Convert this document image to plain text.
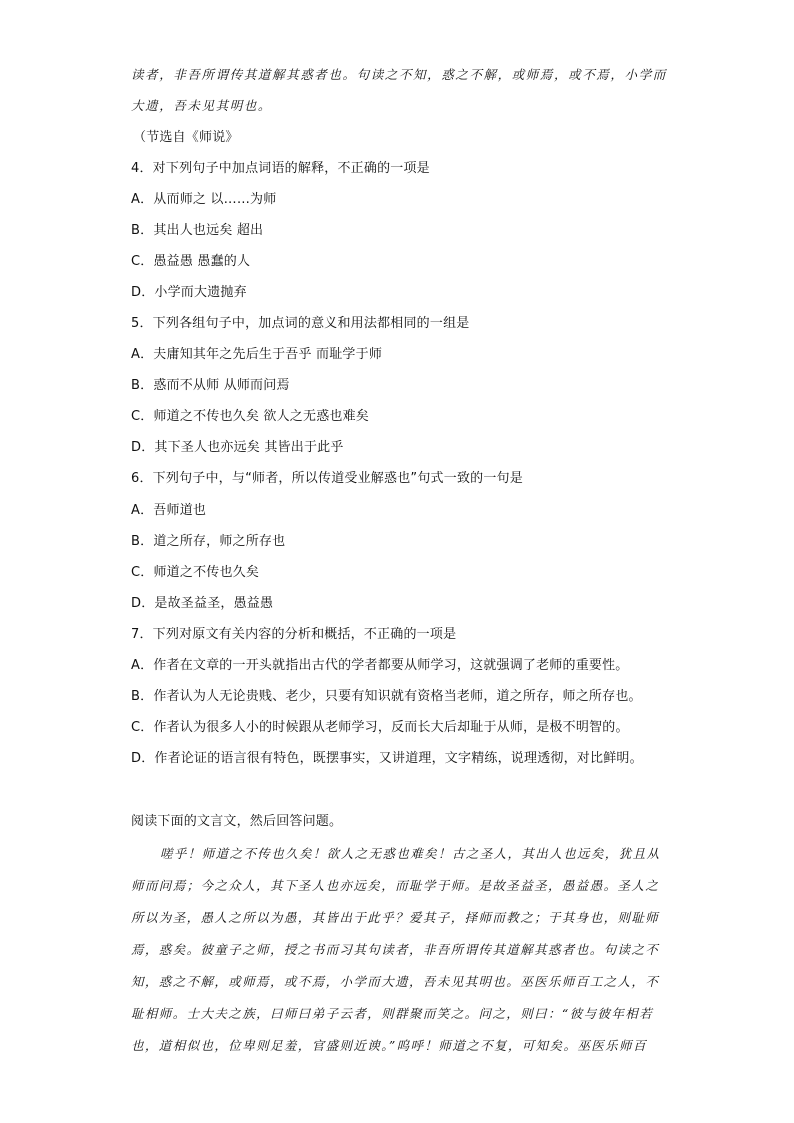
读者，非吾所谓传其道解其惑者也。句读之不知，惑之不解，或师焉，或不焉，小学而
大遗，吾未见其明也。
（节选自《师说》
4．对下列句子中加点词语的解释，不正确的一项是
A．从而师之 以……为师
B．其出人也远矣 超出
C．愚益愚 愚蠢的人
D．小学而大遗抛弃
5．下列各组句子中，加点词的意义和用法都相同的一组是
A．夫庸知其年之先后生于吾乎 而耻学于师
B．惑而不从师 从师而问焉
C．师道之不传也久矣 欲人之无惑也难矣
D．其下圣人也亦远矣 其皆出于此乎
6．下列句子中，与“师者，所以传道受业解惑也”句式一致的一句是
A．吾师道也
B．道之所存，师之所存也
C．师道之不传也久矣
D．是故圣益圣，愚益愚
7．下列对原文有关内容的分析和概括，不正确的一项是
A．作者在文章的一开头就指出古代的学者都要从师学习，这就强调了老师的重要性。
B．作者认为人无论贵贱、老少，只要有知识就有资格当老师，道之所存，师之所存也。
C．作者认为很多人小的时候跟从老师学习，反而长大后却耻于从师，是极不明智的。
D．作者论证的语言很有特色，既摆事实，又讲道理，文字精练，说理透彻，对比鲜明。
阅读下面的文言文，然后回答问题。
嗟乎！师道之不传也久矣！欲人之无惑也难矣！古之圣人，其出人也远矣，犹且从
师而问焉；今之众人，其下圣人也亦远矣，而耻学于师。是故圣益圣，愚益愚。圣人之
所以为圣，愚人之所以为愚，其皆出于此乎？爱其子，择师而教之；于其身也，则耻师
焉，惑矣。彼童子之师，授之书而习其句读者，非吾所谓传其道解其惑者也。句读之不
知，惑之不解，或师焉，或不焉，小学而大遗，吾未见其明也。巫医乐师百工之人，不
耻相师。士大夫之族，曰师曰弟子云者，则群聚而笑之。问之，则曰：“彼与彼年相若
也，道相似也，位卑则足羞，官盛则近谀。”呜呼！师道之不复，可知矣。巫医乐师百
